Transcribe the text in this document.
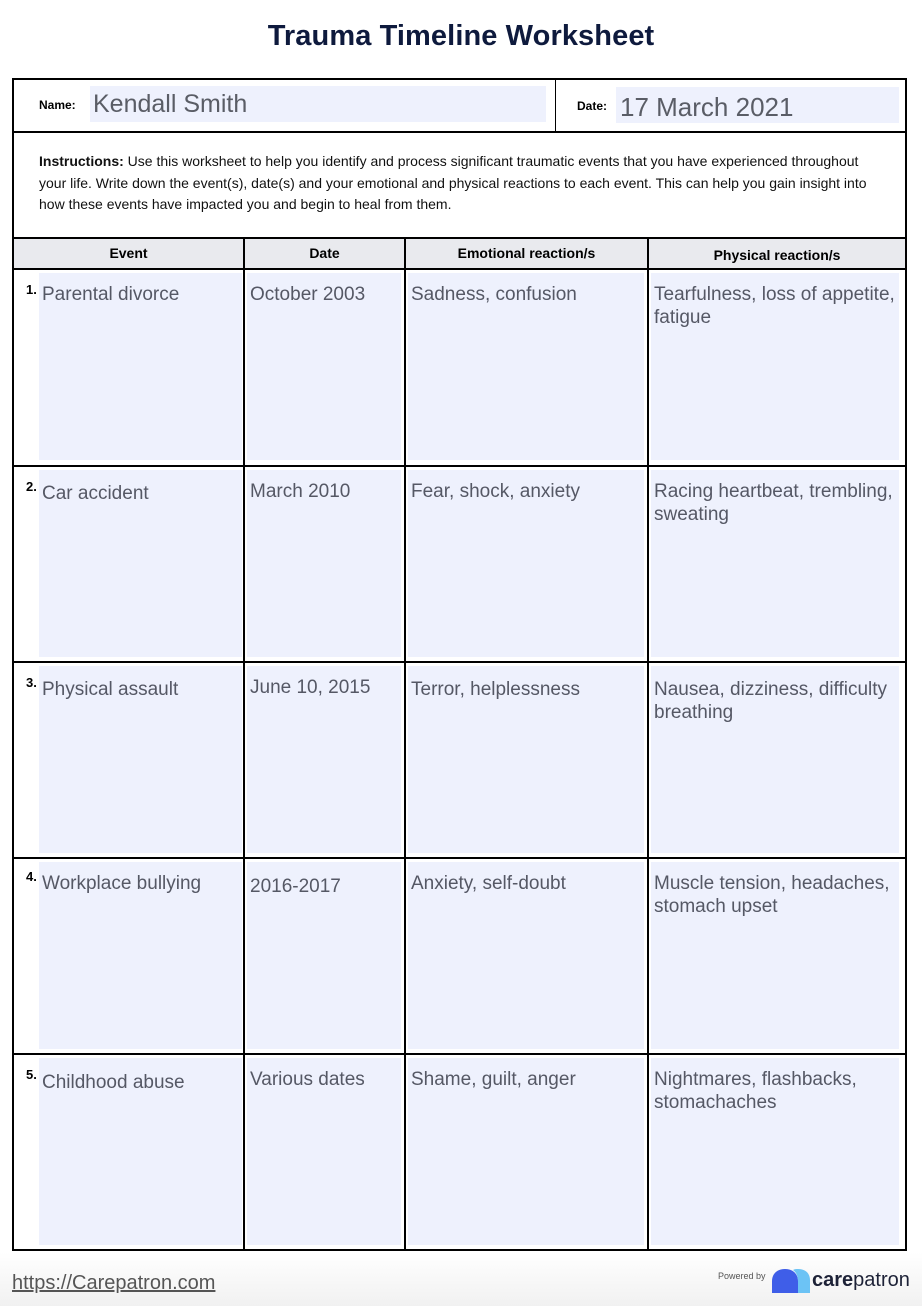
Trauma Timeline Worksheet
Name: Kendall Smith	Date: 17 March 2021
Instructions: Use this worksheet to help you identify and process significant traumatic events that you have experienced throughout your life. Write down the event(s), date(s) and your emotional and physical reactions to each event. This can help you gain insight into how these events have impacted you and begin to heal from them.
Event	Date	Emotional reaction/s	Physical reaction/s
1. Parental divorce	October 2003	Sadness, confusion	Tearfulness, loss of appetite, fatigue
2. Car accident	March 2010	Fear, shock, anxiety	Racing heartbeat, trembling, sweating
3. Physical assault	June 10, 2015	Terror, helplessness	Nausea, dizziness, difficulty breathing
4. Workplace bullying	2016-2017	Anxiety, self-doubt	Muscle tension, headaches, stomach upset
5. Childhood abuse	Various dates	Shame, guilt, anger	Nightmares, flashbacks, stomachaches
https://Carepatron.com	Powered by carepatron
